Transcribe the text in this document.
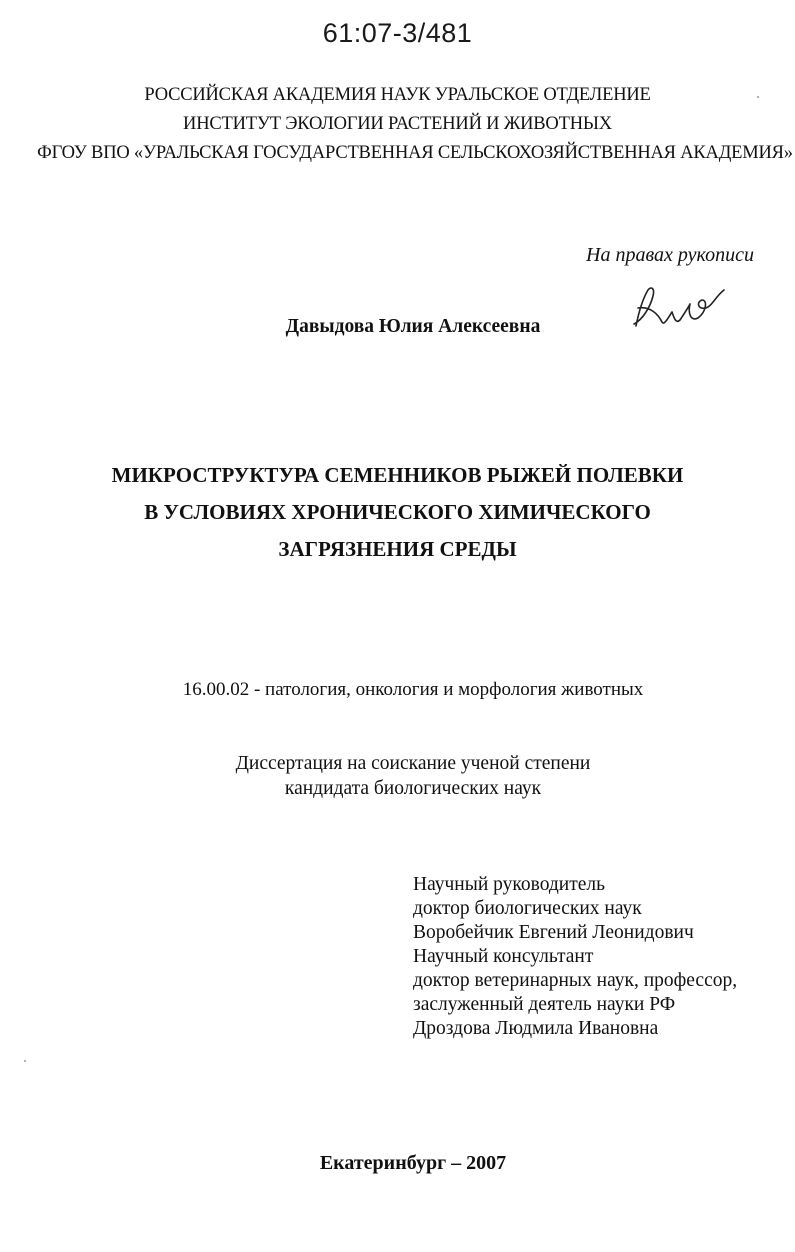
61:07-3/481
РОССИЙСКАЯ АКАДЕМИЯ НАУК УРАЛЬСКОЕ ОТДЕЛЕНИЕ
ИНСТИТУТ ЭКОЛОГИИ РАСТЕНИЙ И ЖИВОТНЫХ
ФГОУ ВПО «УРАЛЬСКАЯ ГОСУДАРСТВЕННАЯ СЕЛЬСКОХОЗЯЙСТВЕННАЯ АКАДЕМИЯ»
На правах рукописи
Давыдова Юлия Алексеевна
МИКРОСТРУКТУРА СЕМЕННИКОВ РЫЖЕЙ ПОЛЕВКИ
В УСЛОВИЯХ ХРОНИЧЕСКОГО ХИМИЧЕСКОГО
ЗАГРЯЗНЕНИЯ СРЕДЫ
16.00.02 - патология, онкология и морфология животных
Диссертация на соискание ученой степени
кандидата биологических наук
Научный руководитель
доктор биологических наук
Воробейчик Евгений Леонидович
Научный консультант
доктор ветеринарных наук, профессор,
заслуженный деятель науки РФ
Дроздова Людмила Ивановна
Екатеринбург – 2007
